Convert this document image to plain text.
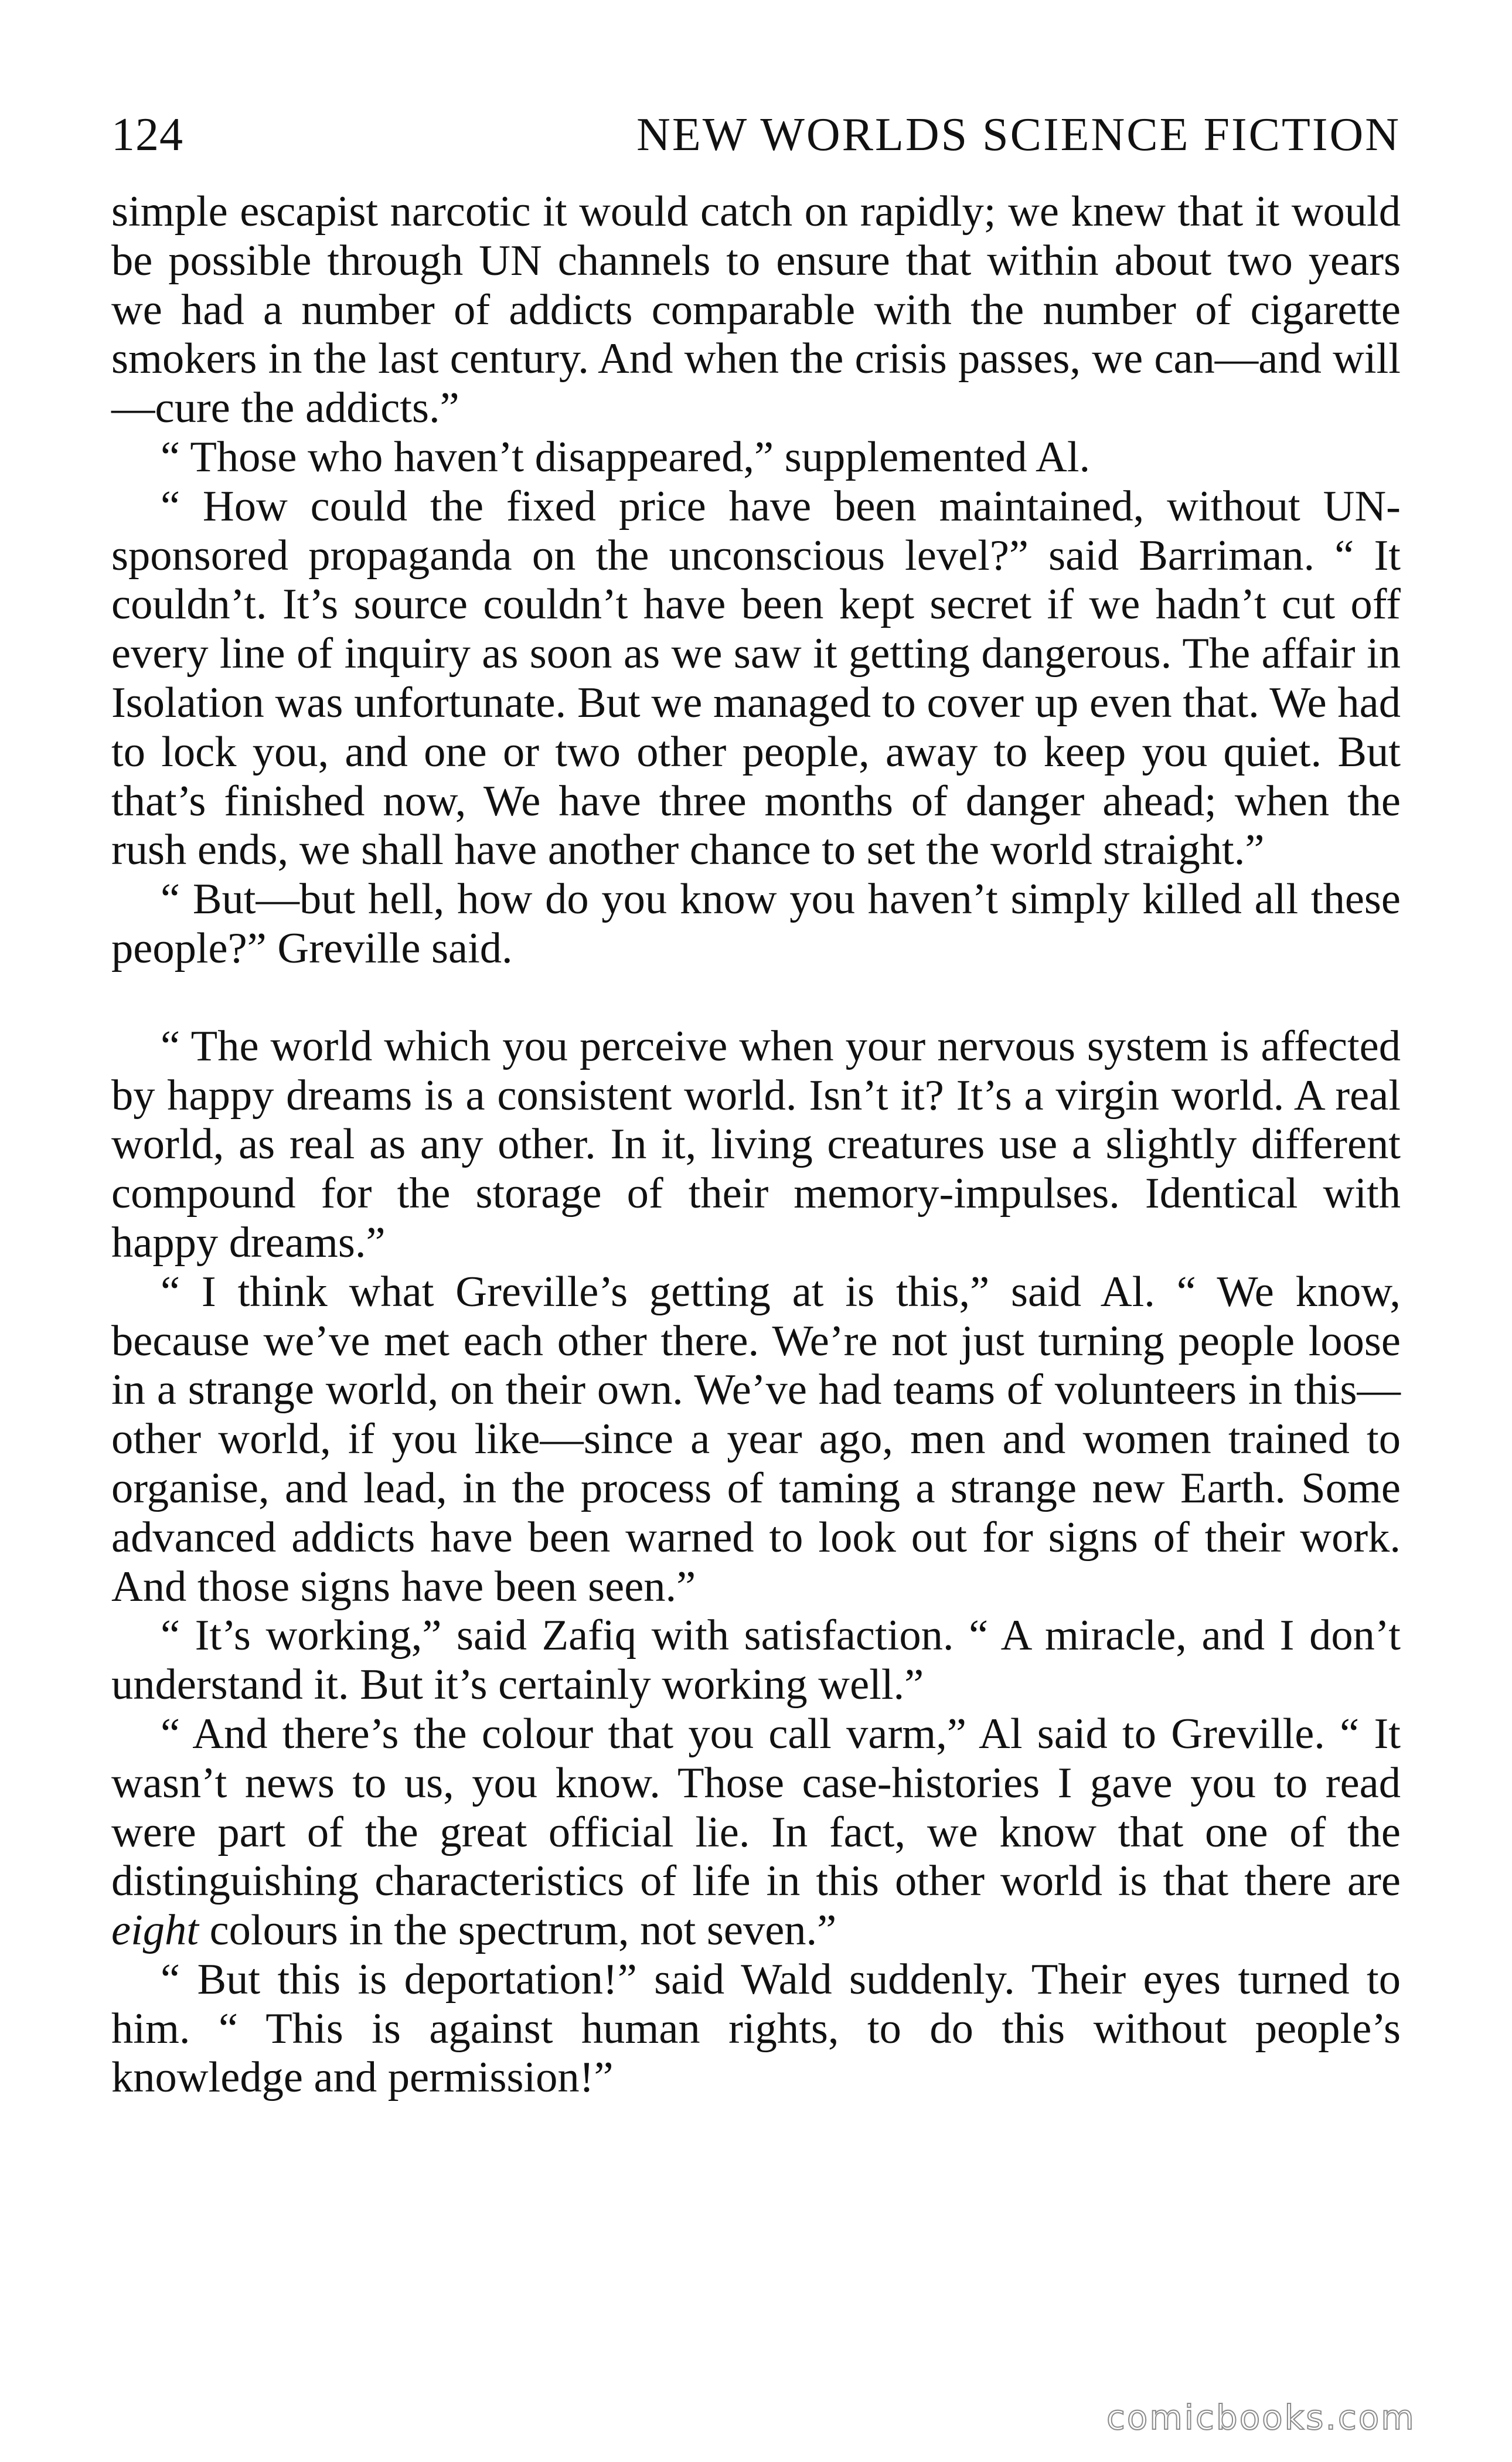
124	NEW WORLDS SCIENCE FICTION

simple escapist narcotic it would catch on rapidly; we knew that it would be possible through UN channels to ensure that within about two years we had a number of addicts comparable with the number of cigarette smokers in the last century. And when the crisis passes, we can—and will—cure the addicts.”

“ Those who haven’t disappeared,” supplemented Al.

“ How could the fixed price have been maintained, without UN-sponsored propaganda on the unconscious level?” said Barriman. “ It couldn’t. It’s source couldn’t have been kept secret if we hadn’t cut off every line of inquiry as soon as we saw it getting dangerous. The affair in Isolation was unfortunate. But we managed to cover up even that. We had to lock you, and one or two other people, away to keep you quiet. But that’s finished now, We have three months of danger ahead; when the rush ends, we shall have another chance to set the world straight.”

“ But—but hell, how do you know you haven’t simply killed all these people?” Greville said.

“ The world which you perceive when your nervous system is affected by happy dreams is a consistent world. Isn’t it? It’s a virgin world. A real world, as real as any other. In it, living creatures use a slightly different compound for the storage of their memory-impulses. Identical with happy dreams.”

“ I think what Greville’s getting at is this,” said Al. “ We know, because we’ve met each other there. We’re not just turning people loose in a strange world, on their own. We’ve had teams of volunteers in this—other world, if you like—since a year ago, men and women trained to organise, and lead, in the process of taming a strange new Earth. Some advanced addicts have been warned to look out for signs of their work. And those signs have been seen.”

“ It’s working,” said Zafiq with satisfaction. “ A miracle, and I don’t understand it. But it’s certainly working well.”

“ And there’s the colour that you call varm,” Al said to Greville. “ It wasn’t news to us, you know. Those case-histories I gave you to read were part of the great official lie. In fact, we know that one of the distinguishing characteristics of life in this other world is that there are eight colours in the spectrum, not seven.”

“ But this is deportation!” said Wald suddenly. Their eyes turned to him. “ This is against human rights, to do this without people’s knowledge and permission!”

comicbooks.com
